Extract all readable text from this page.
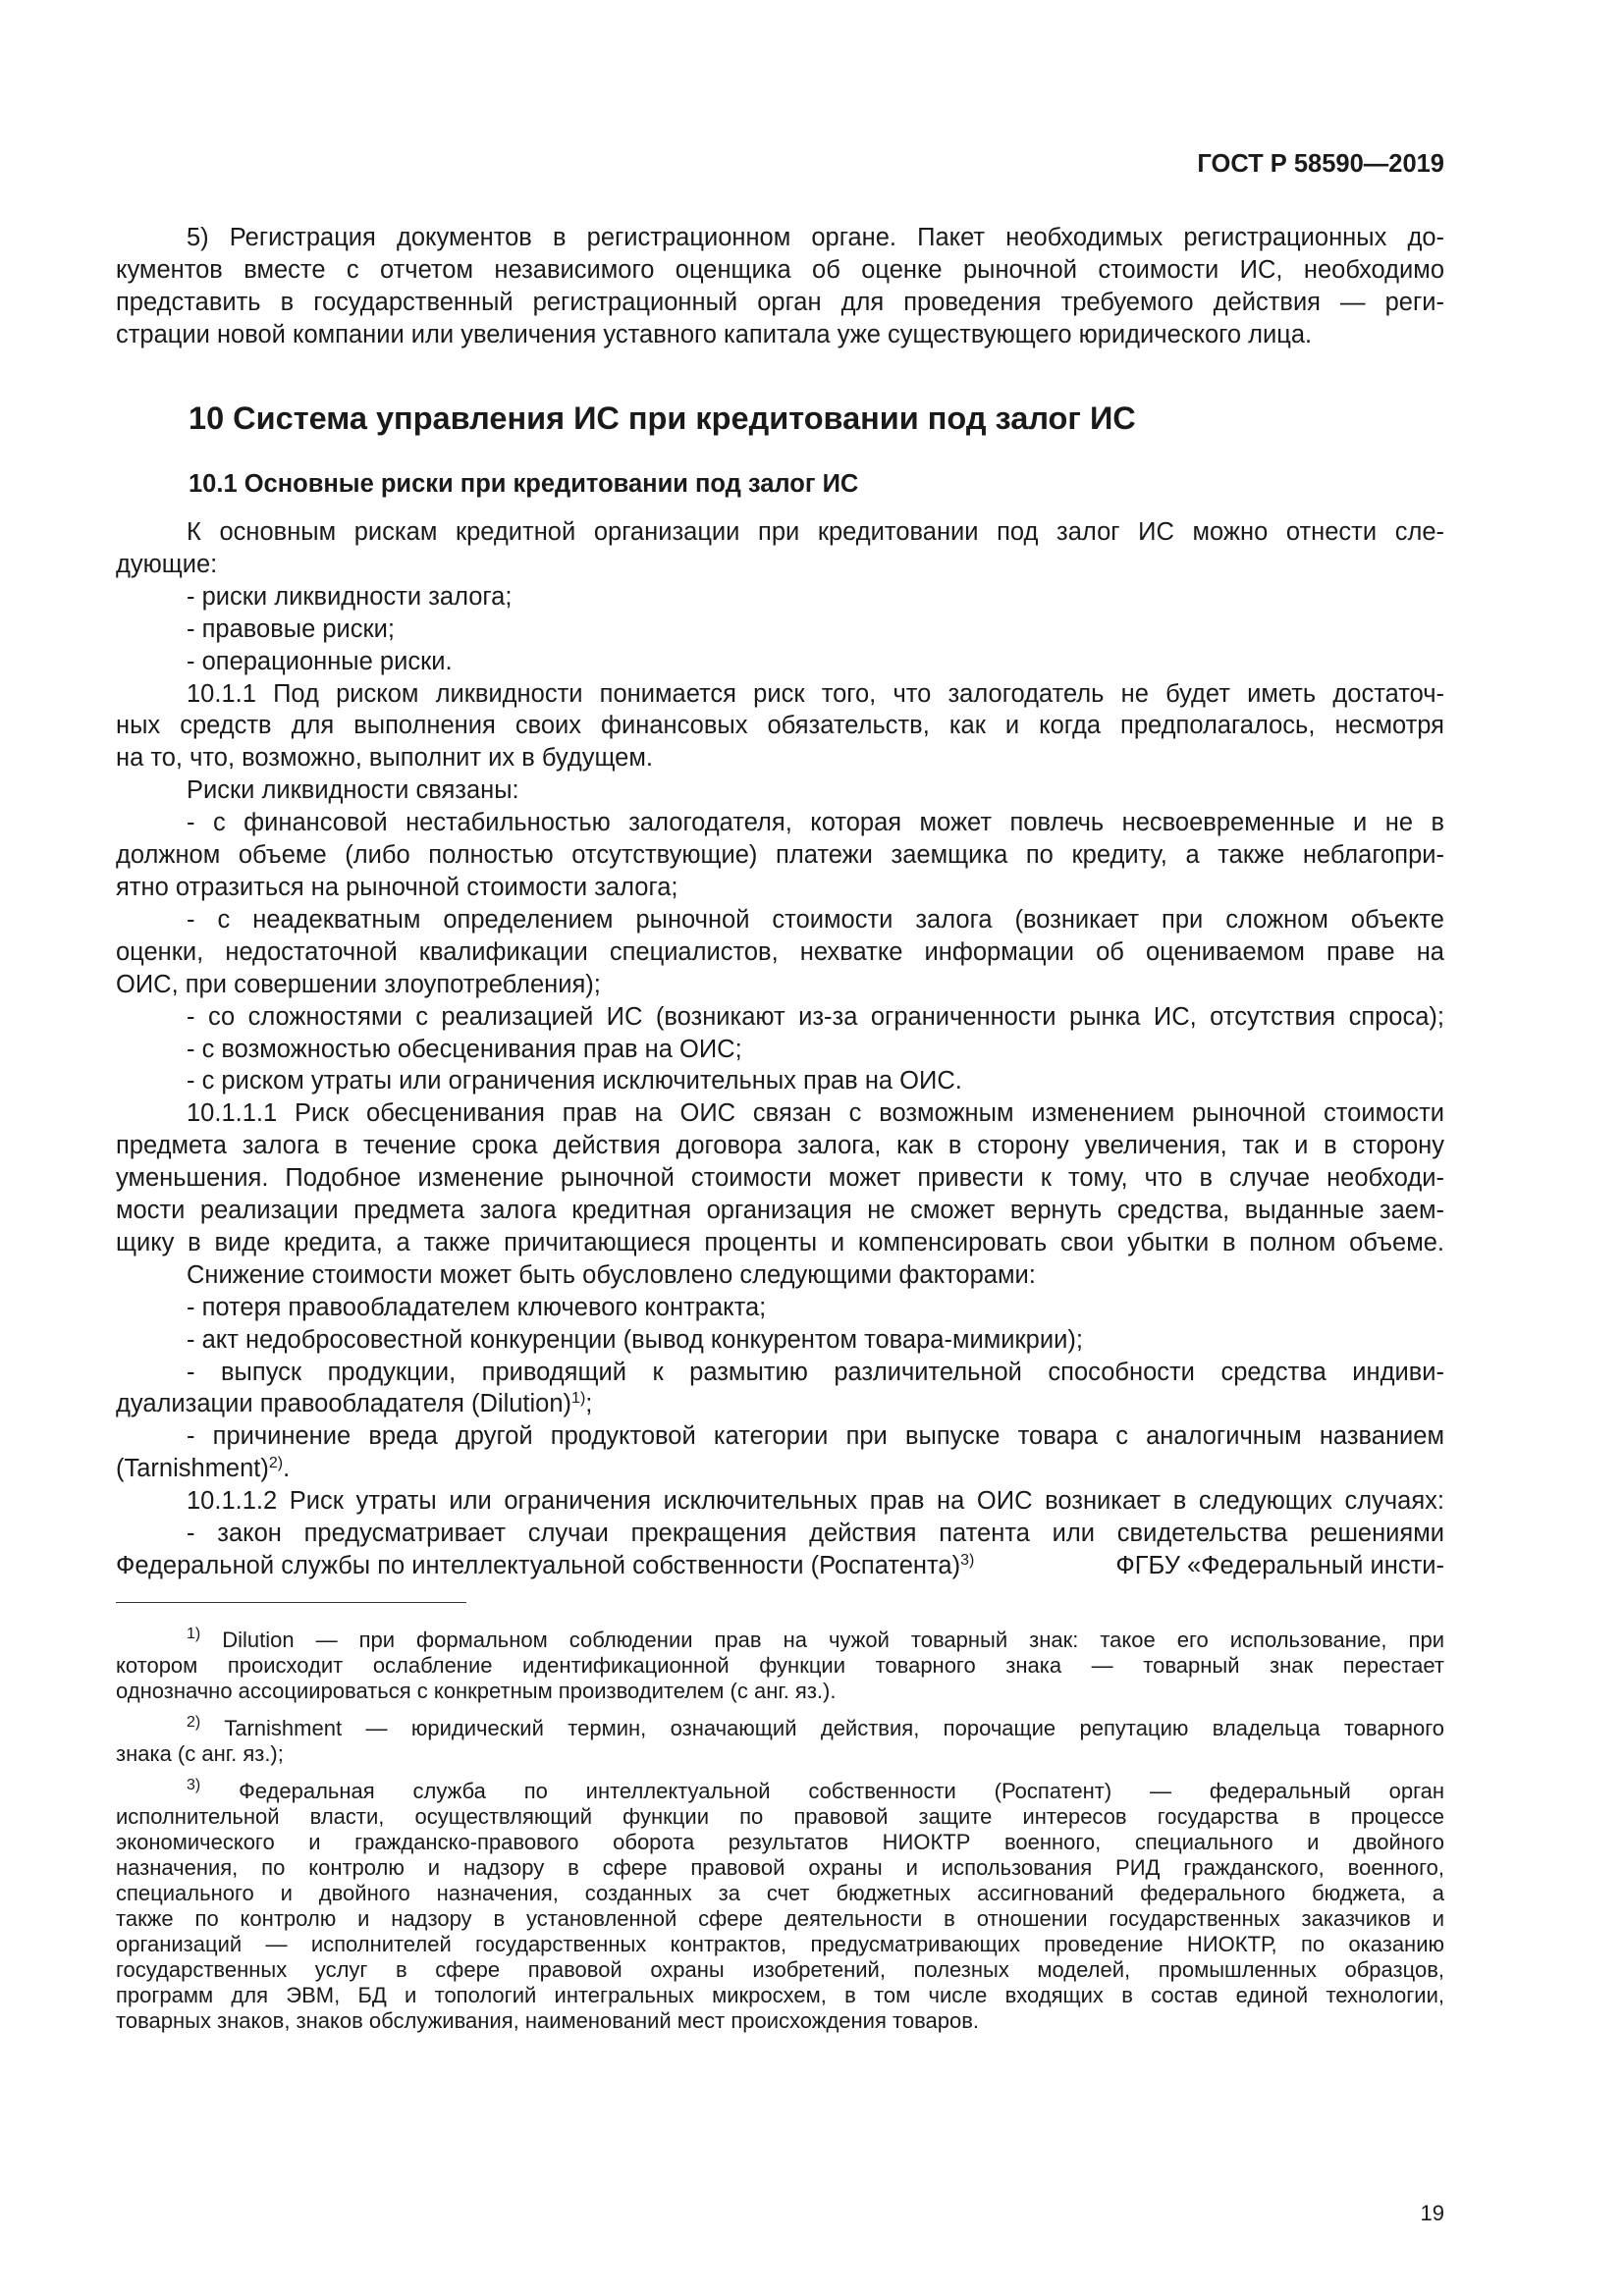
ГОСТ Р 58590—2019

5) Регистрация документов в регистрационном органе. Пакет необходимых регистрационных до-

кументов вместе с отчетом независимого оценщика об оценке рыночной стоимости ИС, необходимо

представить в государственный регистрационный орган для проведения требуемого действия — реги-

страции новой компании или увеличения уставного капитала уже существующего юридического лица.

10 Система управления ИС при кредитовании под залог ИС
10.1 Основные риски при кредитовании под залог ИС

К основным рискам кредитной организации при кредитовании под залог ИС можно отнести сле-

дующие:

- риски ликвидности залога;

- правовые риски;

- операционные риски.

10.1.1 Под риском ликвидности понимается риск того, что залогодатель не будет иметь достаточ-

ных средств для выполнения своих финансовых обязательств, как и когда предполагалось, несмотря

на то, что, возможно, выполнит их в будущем.

Риски ликвидности связаны:

- с финансовой нестабильностью залогодателя, которая может повлечь несвоевременные и не в

должном объеме (либо полностью отсутствующие) платежи заемщика по кредиту, а также неблагопри-

ятно отразиться на рыночной стоимости залога;

- с неадекватным определением рыночной стоимости залога (возникает при сложном объекте

оценки, недостаточной квалификации специалистов, нехватке информации об оцениваемом праве на

ОИС, при совершении злоупотребления);

- со сложностями с реализацией ИС (возникают из-за ограниченности рынка ИС, отсутствия спроса);

- с возможностью обесценивания прав на ОИС;

- с риском утраты или ограничения исключительных прав на ОИС.

10.1.1.1 Риск обесценивания прав на ОИС связан с возможным изменением рыночной стоимости

предмета залога в течение срока действия договора залога, как в сторону увеличения, так и в сторону

уменьшения. Подобное изменение рыночной стоимости может привести к тому, что в случае необходи-

мости реализации предмета залога кредитная организация не сможет вернуть средства, выданные заем-

щику в виде кредита, а также причитающиеся проценты и компенсировать свои убытки в полном объеме.

Снижение стоимости может быть обусловлено следующими факторами:

- потеря правообладателем ключевого контракта;

- акт недобросовестной конкуренции (вывод конкурентом товара-мимикрии);

- выпуск продукции, приводящий к размытию различительной способности средства индиви-

дуализации правообладателя (Dilution)$^{1)}$;

- причинение вреда другой продуктовой категории при выпуске товара с аналогичным названием

(Tarnishment)$^{2)}$.

10.1.1.2 Риск утраты или ограничения исключительных прав на ОИС возникает в следующих случаях:

- закон предусматривает случаи прекращения действия патента или свидетельства решениями

Федеральной службы по интеллектуальной собственности (Роспатента)$^{3)}$	ФГБУ «Федеральный инсти-

$^{1)}$ Dilution — при формальном соблюдении прав на чужой товарный знак: такое его использование, при

котором происходит ослабление идентификационной функции товарного знака — товарный знак перестает

однозначно ассоциироваться с конкретным производителем (с анг. яз.).

$^{2)}$ Tarnishment — юридический термин, означающий действия, порочащие репутацию владельца товарного

знака (с анг. яз.);

$^{3)}$ Федеральная служба по интеллектуальной собственности (Роспатент) — федеральный орган

исполнительной власти, осуществляющий функции по правовой защите интересов государства в процессе

экономического и гражданско-правового оборота результатов НИОКТР военного, специального и двойного

назначения, по контролю и надзору в сфере правовой охраны и использования РИД гражданского, военного,

специального и двойного назначения, созданных за счет бюджетных ассигнований федерального бюджета, а

также по контролю и надзору в установленной сфере деятельности в отношении государственных заказчиков и

организаций — исполнителей государственных контрактов, предусматривающих проведение НИОКТР, по оказанию

государственных услуг в сфере правовой охраны изобретений, полезных моделей, промышленных образцов,

программ для ЭВМ, БД и топологий интегральных микросхем, в том числе входящих в состав единой технологии,

товарных знаков, знаков обслуживания, наименований мест происхождения товаров.

19
